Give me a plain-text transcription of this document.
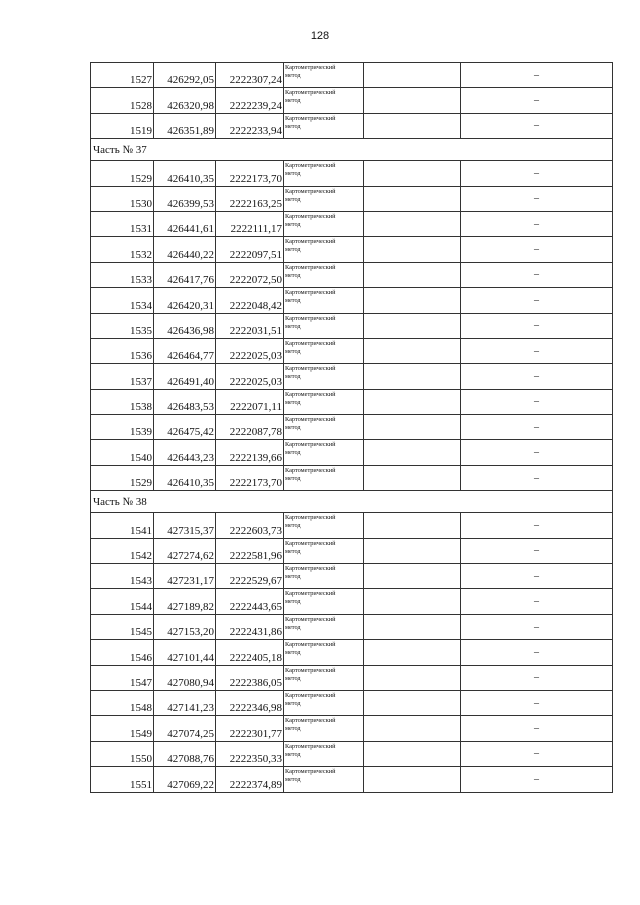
128
1527	426292,05	2222307,24	Картометрический
метод		–
1528	426320,98	2222239,24	Картометрический
метод		–
1519	426351,89	2222233,94	Картометрический
метод		–
Часть № 37					
1529	426410,35	2222173,70	Картометрический
метод		–
1530	426399,53	2222163,25	Картометрический
метод		–
1531	426441,61	2222111,17	Картометрический
метод		–
1532	426440,22	2222097,51	Картометрический
метод		–
1533	426417,76	2222072,50	Картометрический
метод		–
1534	426420,31	2222048,42	Картометрический
метод		–
1535	426436,98	2222031,51	Картометрический
метод		–
1536	426464,77	2222025,03	Картометрический
метод		–
1537	426491,40	2222025,03	Картометрический
метод		–
1538	426483,53	2222071,11	Картометрический
метод		–
1539	426475,42	2222087,78	Картометрический
метод		–
1540	426443,23	2222139,66	Картометрический
метод		–
1529	426410,35	2222173,70	Картометрический
метод		–
Часть № 38					
1541	427315,37	2222603,73	Картометрический
метод		–
1542	427274,62	2222581,96	Картометрический
метод		–
1543	427231,17	2222529,67	Картометрический
метод		–
1544	427189,82	2222443,65	Картометрический
метод		–
1545	427153,20	2222431,86	Картометрический
метод		–
1546	427101,44	2222405,18	Картометрический
метод		–
1547	427080,94	2222386,05	Картометрический
метод		–
1548	427141,23	2222346,98	Картометрический
метод		–
1549	427074,25	2222301,77	Картометрический
метод		–
1550	427088,76	2222350,33	Картометрический
метод		–
1551	427069,22	2222374,89	Картометрический
метод		–
